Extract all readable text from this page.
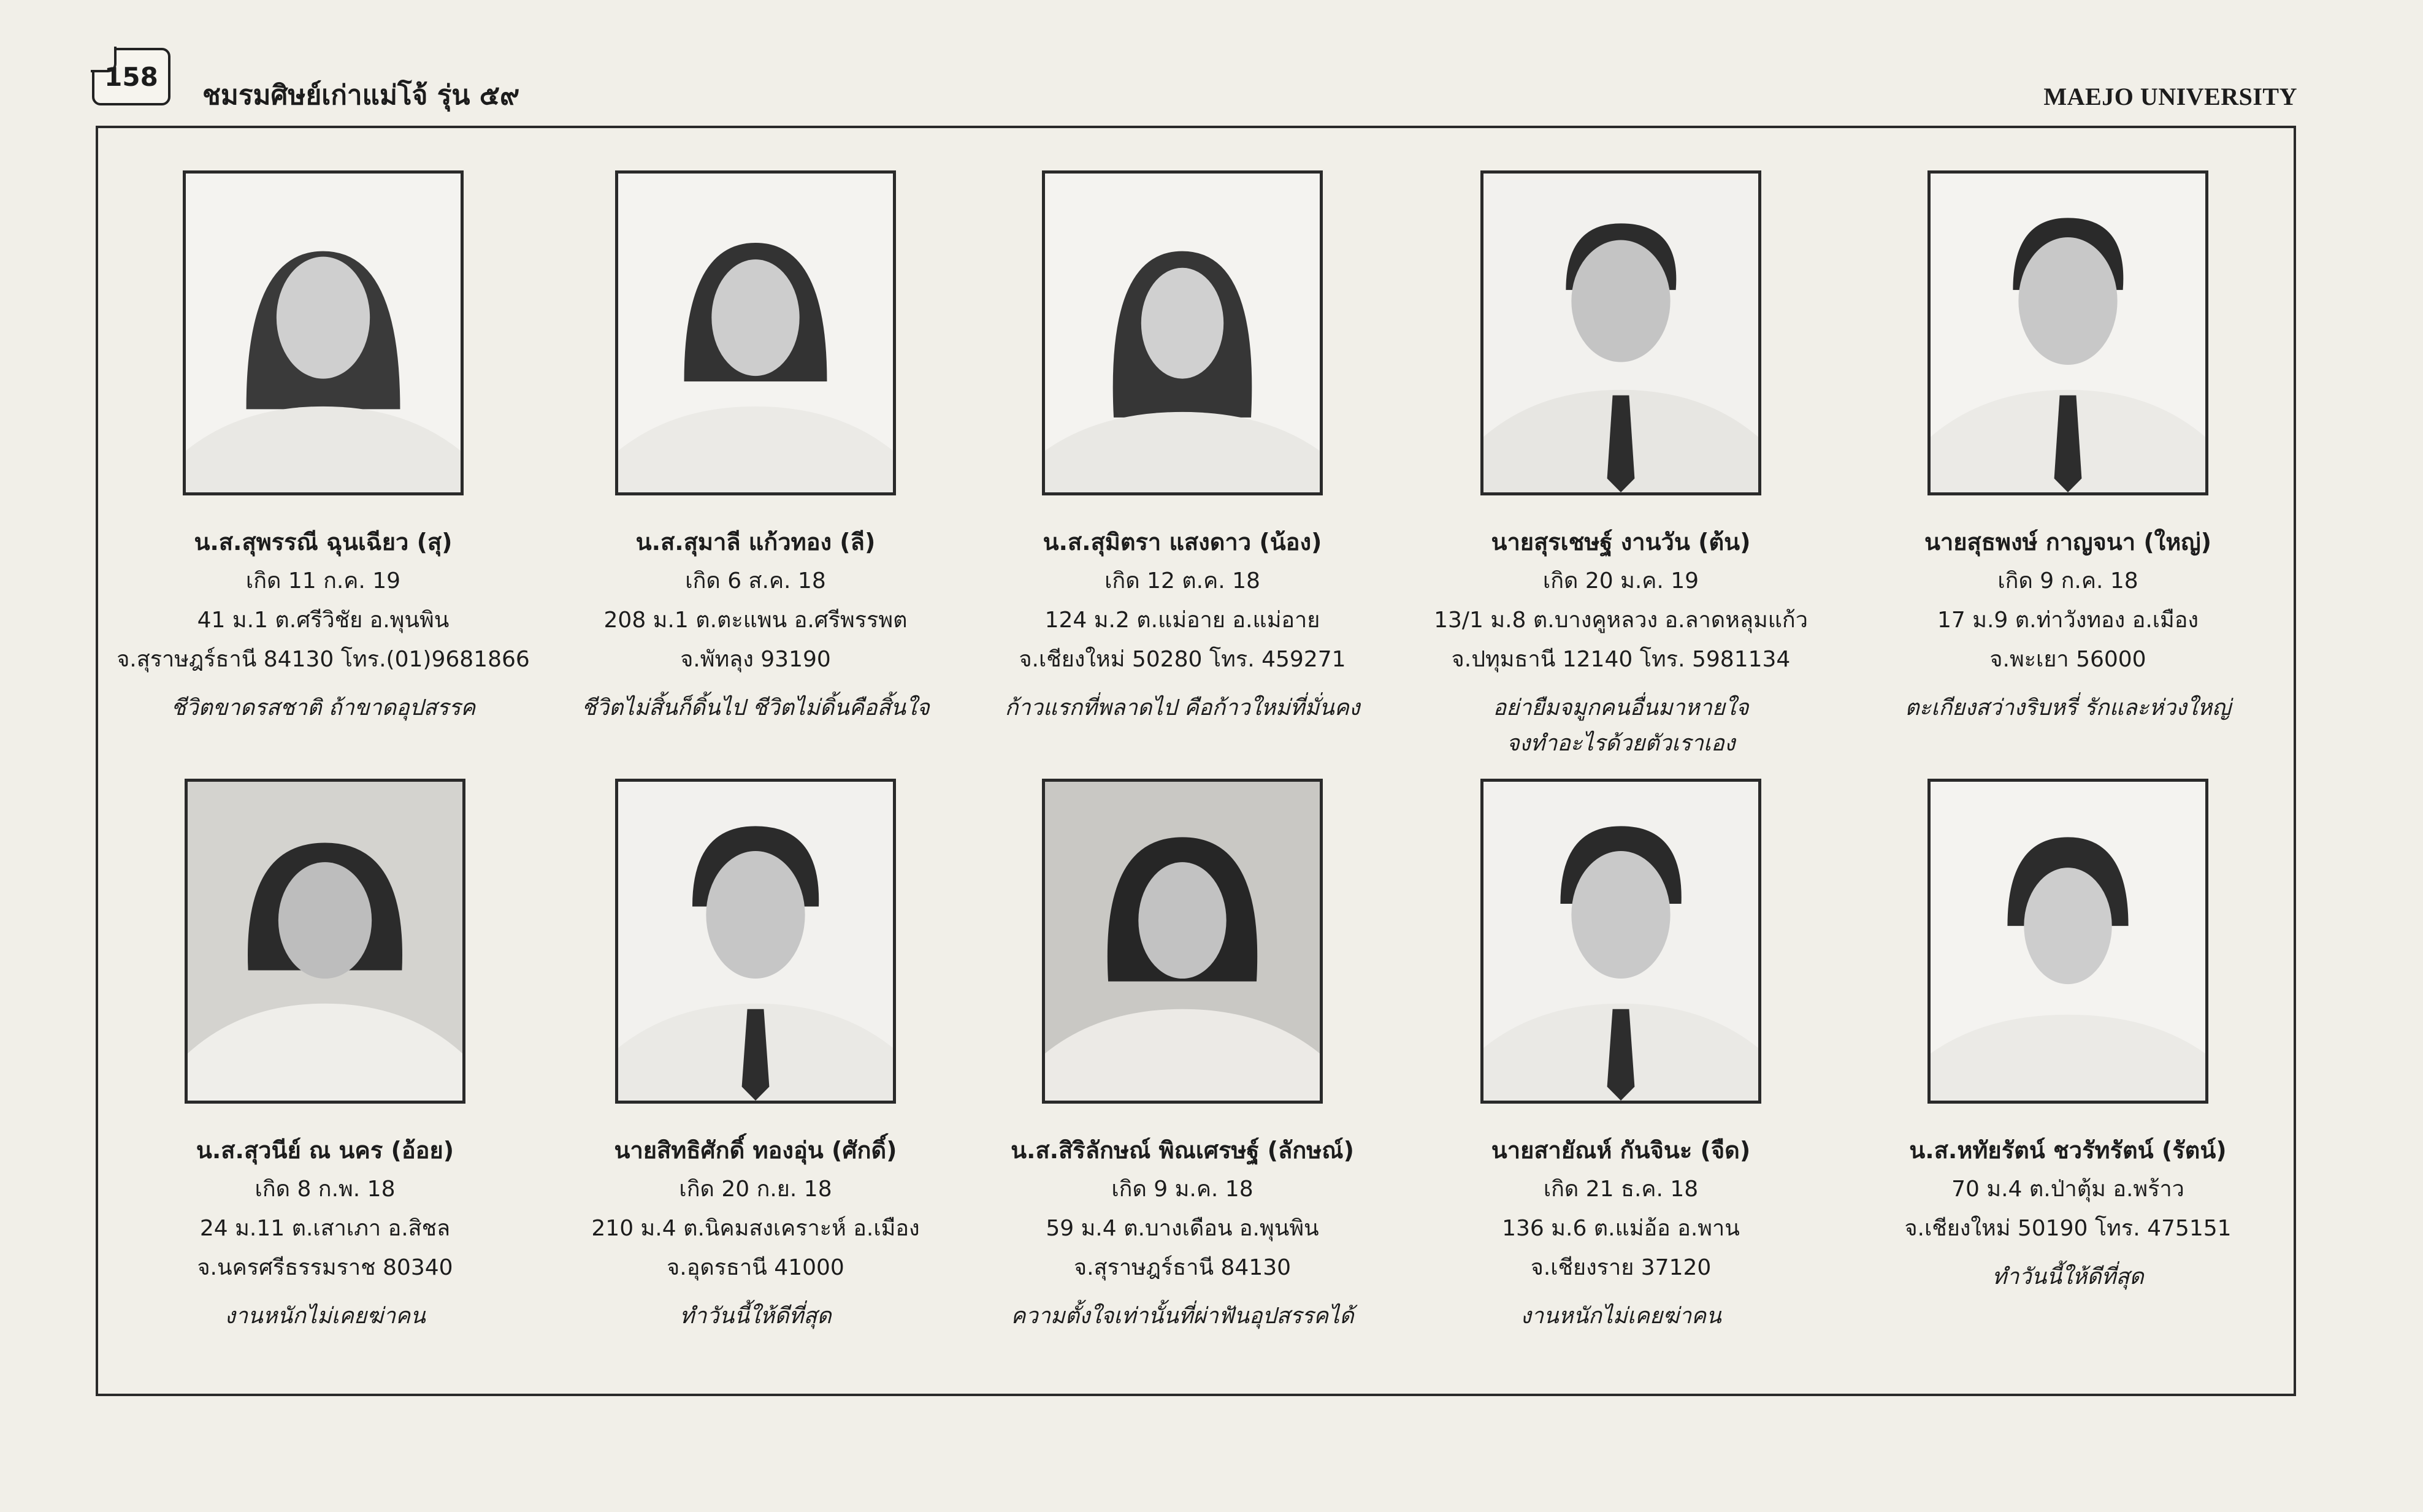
158
ชมรมศิษย์เก่าแม่โจ้ รุ่น ๕๙	MAEJO UNIVERSITY
น.ส.สุพรรณี ฉุนเฉียว (สุ)
เกิด 11 ก.ค. 19
41 ม.1 ต.ศรีวิชัย อ.พุนพิน
จ.สุราษฎร์ธานี 84130 โทร.(01)9681866
ชีวิตขาดรสชาติ ถ้าขาดอุปสรรค
น.ส.สุมาลี แก้วทอง (ลี)
เกิด 6 ส.ค. 18
208 ม.1 ต.ตะแพน อ.ศรีพรรพต
จ.พัทลุง 93190
ชีวิตไม่สิ้นก็ดิ้นไป ชีวิตไม่ดิ้นคือสิ้นใจ
น.ส.สุมิตรา แสงดาว (น้อง)
เกิด 12 ต.ค. 18
124 ม.2 ต.แม่อาย อ.แม่อาย
จ.เชียงใหม่ 50280 โทร. 459271
ก้าวแรกที่พลาดไป คือก้าวใหม่ที่มั่นคง
นายสุรเชษฐ์ งานวัน (ต้น)
เกิด 20 ม.ค. 19
13/1 ม.8 ต.บางคูหลวง อ.ลาดหลุมแก้ว
จ.ปทุมธานี 12140 โทร. 5981134
อย่ายืมจมูกคนอื่นมาหายใจ
จงทำอะไรด้วยตัวเราเอง
นายสุธพงษ์ กาญจนา (ใหญ่)
เกิด 9 ก.ค. 18
17 ม.9 ต.ท่าวังทอง อ.เมือง
จ.พะเยา 56000
ตะเกียงสว่างริบหรี่ รักและห่วงใหญ่
น.ส.สุวนีย์ ณ นคร (อ้อย)
เกิด 8 ก.พ. 18
24 ม.11 ต.เสาเภา อ.สิชล
จ.นครศรีธรรมราช 80340
งานหนักไม่เคยฆ่าคน
นายสิทธิศักดิ์ ทองอุ่น (ศักดิ์)
เกิด 20 ก.ย. 18
210 ม.4 ต.นิคมสงเคราะห์ อ.เมือง
จ.อุดรธานี 41000
ทำวันนี้ให้ดีที่สุด
น.ส.สิริลักษณ์ พิณเศรษฐ์ (ลักษณ์)
เกิด 9 ม.ค. 18
59 ม.4 ต.บางเดือน อ.พุนพิน
จ.สุราษฎร์ธานี 84130
ความตั้งใจเท่านั้นที่ผ่าฟันอุปสรรคได้
นายสายัณห์ กันจินะ (จืด)
เกิด 21 ธ.ค. 18
136 ม.6 ต.แม่อ้อ อ.พาน
จ.เชียงราย 37120
งานหนักไม่เคยฆ่าคน
น.ส.หทัยรัตน์ ชวรัทรัตน์ (รัตน์)
70 ม.4 ต.ป่าตุ้ม อ.พร้าว
จ.เชียงใหม่ 50190 โทร. 475151
ทำวันนี้ให้ดีที่สุด
